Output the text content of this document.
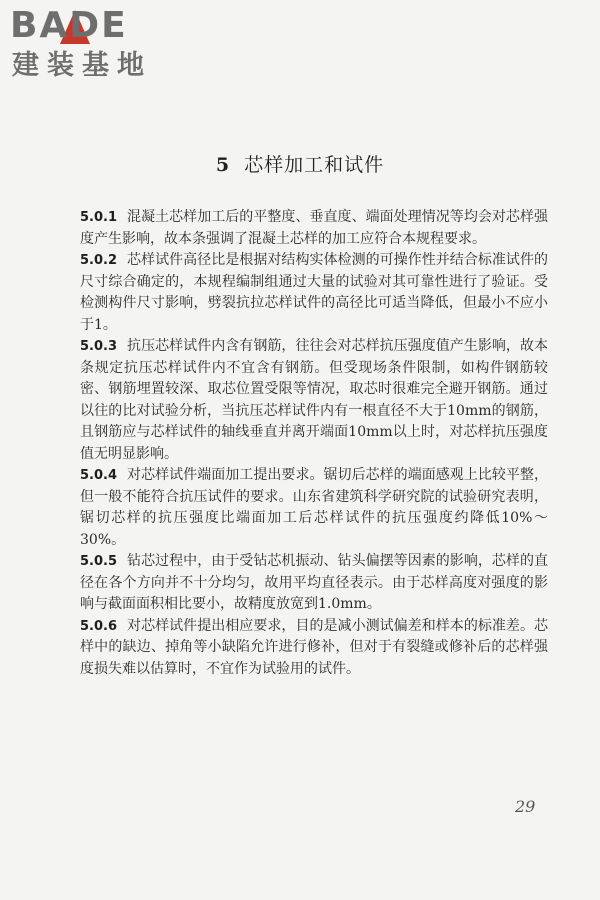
BADE
建装基地
5 芯样加工和试件
5.0.1 混凝土芯样加工后的平整度、垂直度、端面处理情况等均会对芯样强度产生影响，故本条强调了混凝土芯样的加工应符合本规程要求。
5.0.2 芯样试件高径比是根据对结构实体检测的可操作性并结合标准试件的尺寸综合确定的，本规程编制组通过大量的试验对其可靠性进行了验证。受检测构件尺寸影响，劈裂抗拉芯样试件的高径比可适当降低，但最小不应小于1。
5.0.3 抗压芯样试件内含有钢筋，往往会对芯样抗压强度值产生影响，故本条规定抗压芯样试件内不宜含有钢筋。但受现场条件限制，如构件钢筋较密、钢筋埋置较深、取芯位置受限等情况，取芯时很难完全避开钢筋。通过以往的比对试验分析，当抗压芯样试件内有一根直径不大于10mm的钢筋，且钢筋应与芯样试件的轴线垂直并离开端面10mm以上时，对芯样抗压强度值无明显影响。
5.0.4 对芯样试件端面加工提出要求。锯切后芯样的端面感观上比较平整，但一般不能符合抗压试件的要求。山东省建筑科学研究院的试验研究表明，锯切芯样的抗压强度比端面加工后芯样试件的抗压强度约降低10%～30%。
5.0.5 钻芯过程中，由于受钻芯机振动、钻头偏摆等因素的影响，芯样的直径在各个方向并不十分均匀，故用平均直径表示。由于芯样高度对强度的影响与截面面积相比要小，故精度放宽到1.0mm。
5.0.6 对芯样试件提出相应要求，目的是减小测试偏差和样本的标准差。芯样中的缺边、掉角等小缺陷允许进行修补，但对于有裂缝或修补后的芯样强度损失难以估算时，不宜作为试验用的试件。
29
